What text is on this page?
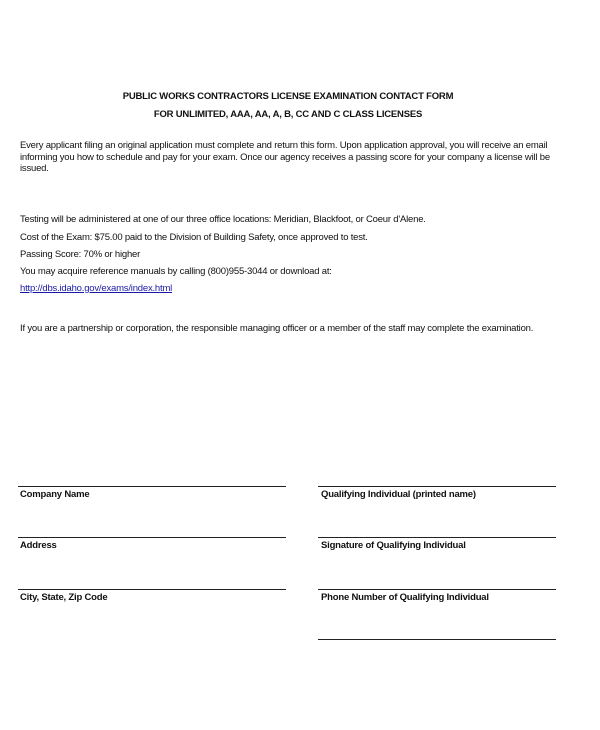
PUBLIC WORKS CONTRACTORS LICENSE EXAMINATION CONTACT FORM
FOR UNLIMITED, AAA, AA, A, B, CC AND C CLASS LICENSES
Every applicant filing an original application must complete and return this form. Upon application approval, you will receive an email informing you how to schedule and pay for your exam. Once our agency receives a passing score for your company a license will be issued.
Testing will be administered at one of our three office locations: Meridian, Blackfoot, or Coeur d'Alene.
Cost of the Exam: $75.00 paid to the Division of Building Safety, once approved to test.
Passing Score: 70% or higher
You may acquire reference manuals by calling (800)955-3044 or download at:
http://dbs.idaho.gov/exams/index.html
If you are a partnership or corporation, the responsible managing officer or a member of the staff may complete the examination.
Company Name
Address
City, State, Zip Code
Qualifying Individual (printed name)
Signature of Qualifying Individual
Phone Number of Qualifying Individual
